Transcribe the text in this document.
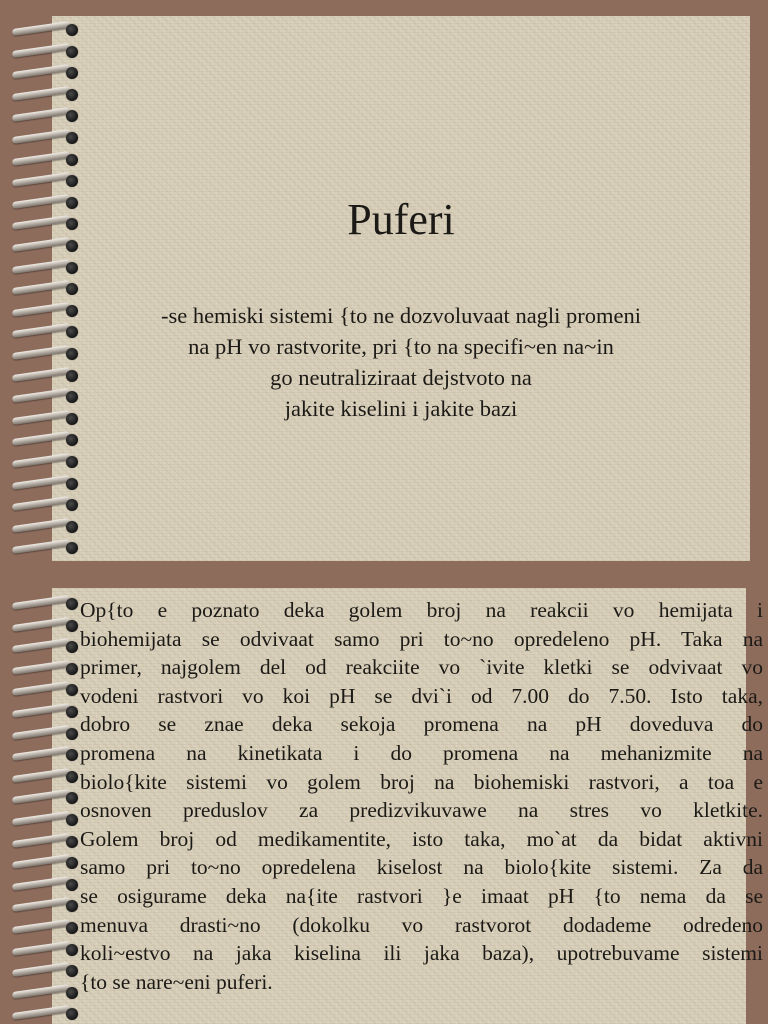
Puferi
-se hemiski sistemi {to ne dozvoluvaat nagli promeni
na pH vo rastvorite, pri {to na specifi~en na~in
go neutraliziraat dejstvoto na
jakite kiselini i jakite bazi
Op{to e poznato deka golem broj na reakcii vo hemijata i
biohemijata se odvivaat samo pri to~no opredeleno pH. Taka na
primer, najgolem del od reakciite vo `ivite kletki se odvivaat vo
vodeni rastvori vo koi pH se dvi`i od 7.00 do 7.50. Isto taka,
dobro se znae deka sekoja promena na pH doveduva do
promena na kinetikata i do promena na mehanizmite na
biolo{kite sistemi vo golem broj na biohemiski rastvori, a toa e
osnoven preduslov za predizvikuvawe na stres vo kletkite.
Golem broj od medikamentite, isto taka, mo`at da bidat aktivni
samo pri to~no opredelena kiselost na biolo{kite sistemi. Za da
se osigurame deka na{ite rastvori }e imaat pH {to nema da se
menuva drasti~no (dokolku vo rastvorot dodademe odredeno
koli~estvo na jaka kiselina ili jaka baza), upotrebuvame sistemi
{to se nare~eni puferi.
